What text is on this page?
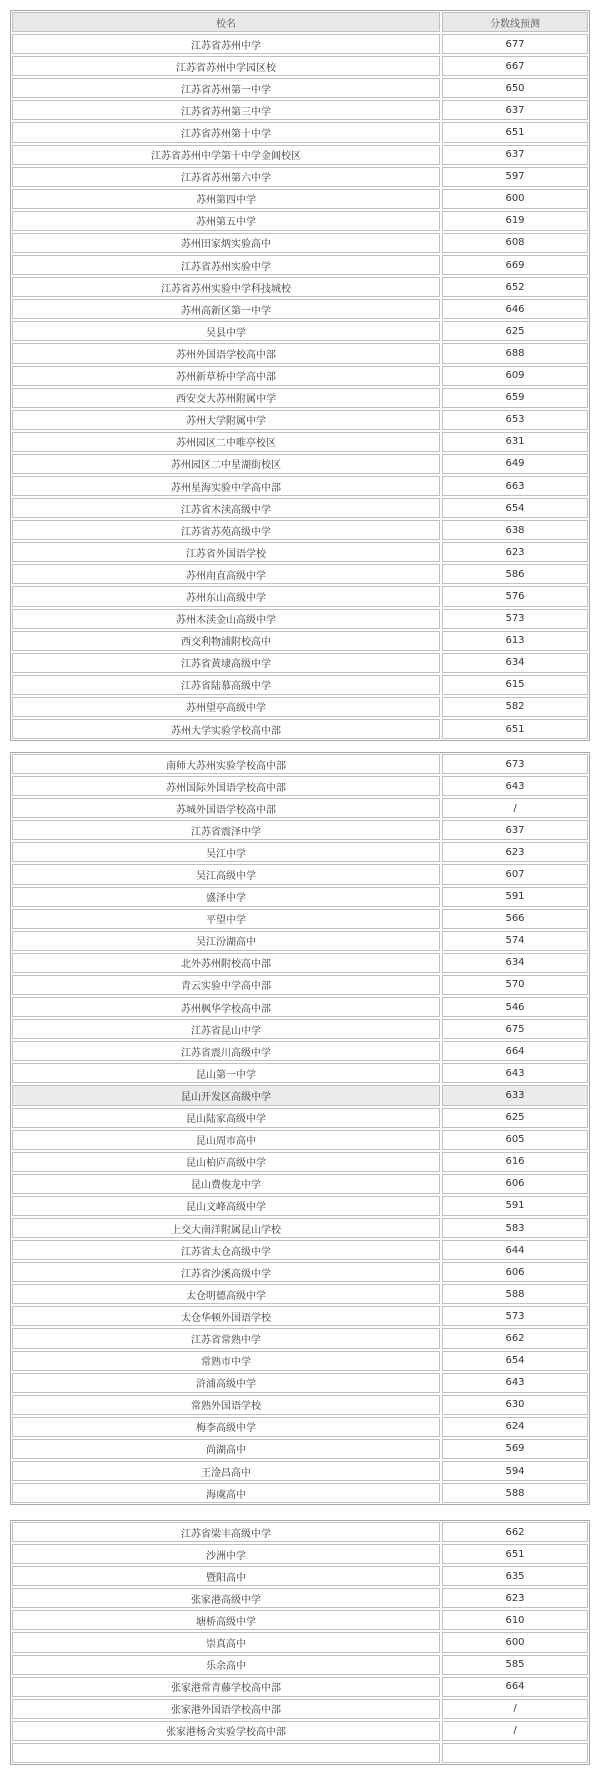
校名	分数线预测
江苏省苏州中学	677
江苏省苏州中学园区校	667
江苏省苏州第一中学	650
江苏省苏州第三中学	637
江苏省苏州第十中学	651
江苏省苏州中学第十中学金阊校区	637
江苏省苏州第六中学	597
苏州第四中学	600
苏州第五中学	619
苏州田家炳实验高中	608
江苏省苏州实验中学	669
江苏省苏州实验中学科技城校	652
苏州高新区第一中学	646
吴县中学	625
苏州外国语学校高中部	688
苏州新草桥中学高中部	609
西安交大苏州附属中学	659
苏州大学附属中学	653
苏州园区二中唯亭校区	631
苏州园区二中星湖街校区	649
苏州星海实验中学高中部	663
江苏省木渎高级中学	654
江苏省苏苑高级中学	638
江苏省外国语学校	623
苏州甪直高级中学	586
苏州东山高级中学	576
苏州木渎金山高级中学	573
西交利物浦附校高中	613
江苏省黄埭高级中学	634
江苏省陆慕高级中学	615
苏州望亭高级中学	582
苏州大学实验学校高中部	651
南师大苏州实验学校高中部	673
苏州国际外国语学校高中部	643
苏城外国语学校高中部	/
江苏省震泽中学	637
吴江中学	623
吴江高级中学	607
盛泽中学	591
平望中学	566
吴江汾湖高中	574
北外苏州附校高中部	634
青云实验中学高中部	570
苏州枫华学校高中部	546
江苏省昆山中学	675
江苏省震川高级中学	664
昆山第一中学	643
昆山开发区高级中学	633
昆山陆家高级中学	625
昆山周市高中	605
昆山柏庐高级中学	616
昆山费俊龙中学	606
昆山文峰高级中学	591
上交大南洋附属昆山学校	583
江苏省太仓高级中学	644
江苏省沙溪高级中学	606
太仓明德高级中学	588
太仓华顿外国语学校	573
江苏省常熟中学	662
常熟市中学	654
浒浦高级中学	643
常熟外国语学校	630
梅李高级中学	624
尚湖高中	569
王淦昌高中	594
海虞高中	588
江苏省梁丰高级中学	662
沙洲中学	651
暨阳高中	635
张家港高级中学	623
塘桥高级中学	610
崇真高中	600
乐余高中	585
张家港常青藤学校高中部	664
张家港外国语学校高中部	/
张家港杨舍实验学校高中部	/
